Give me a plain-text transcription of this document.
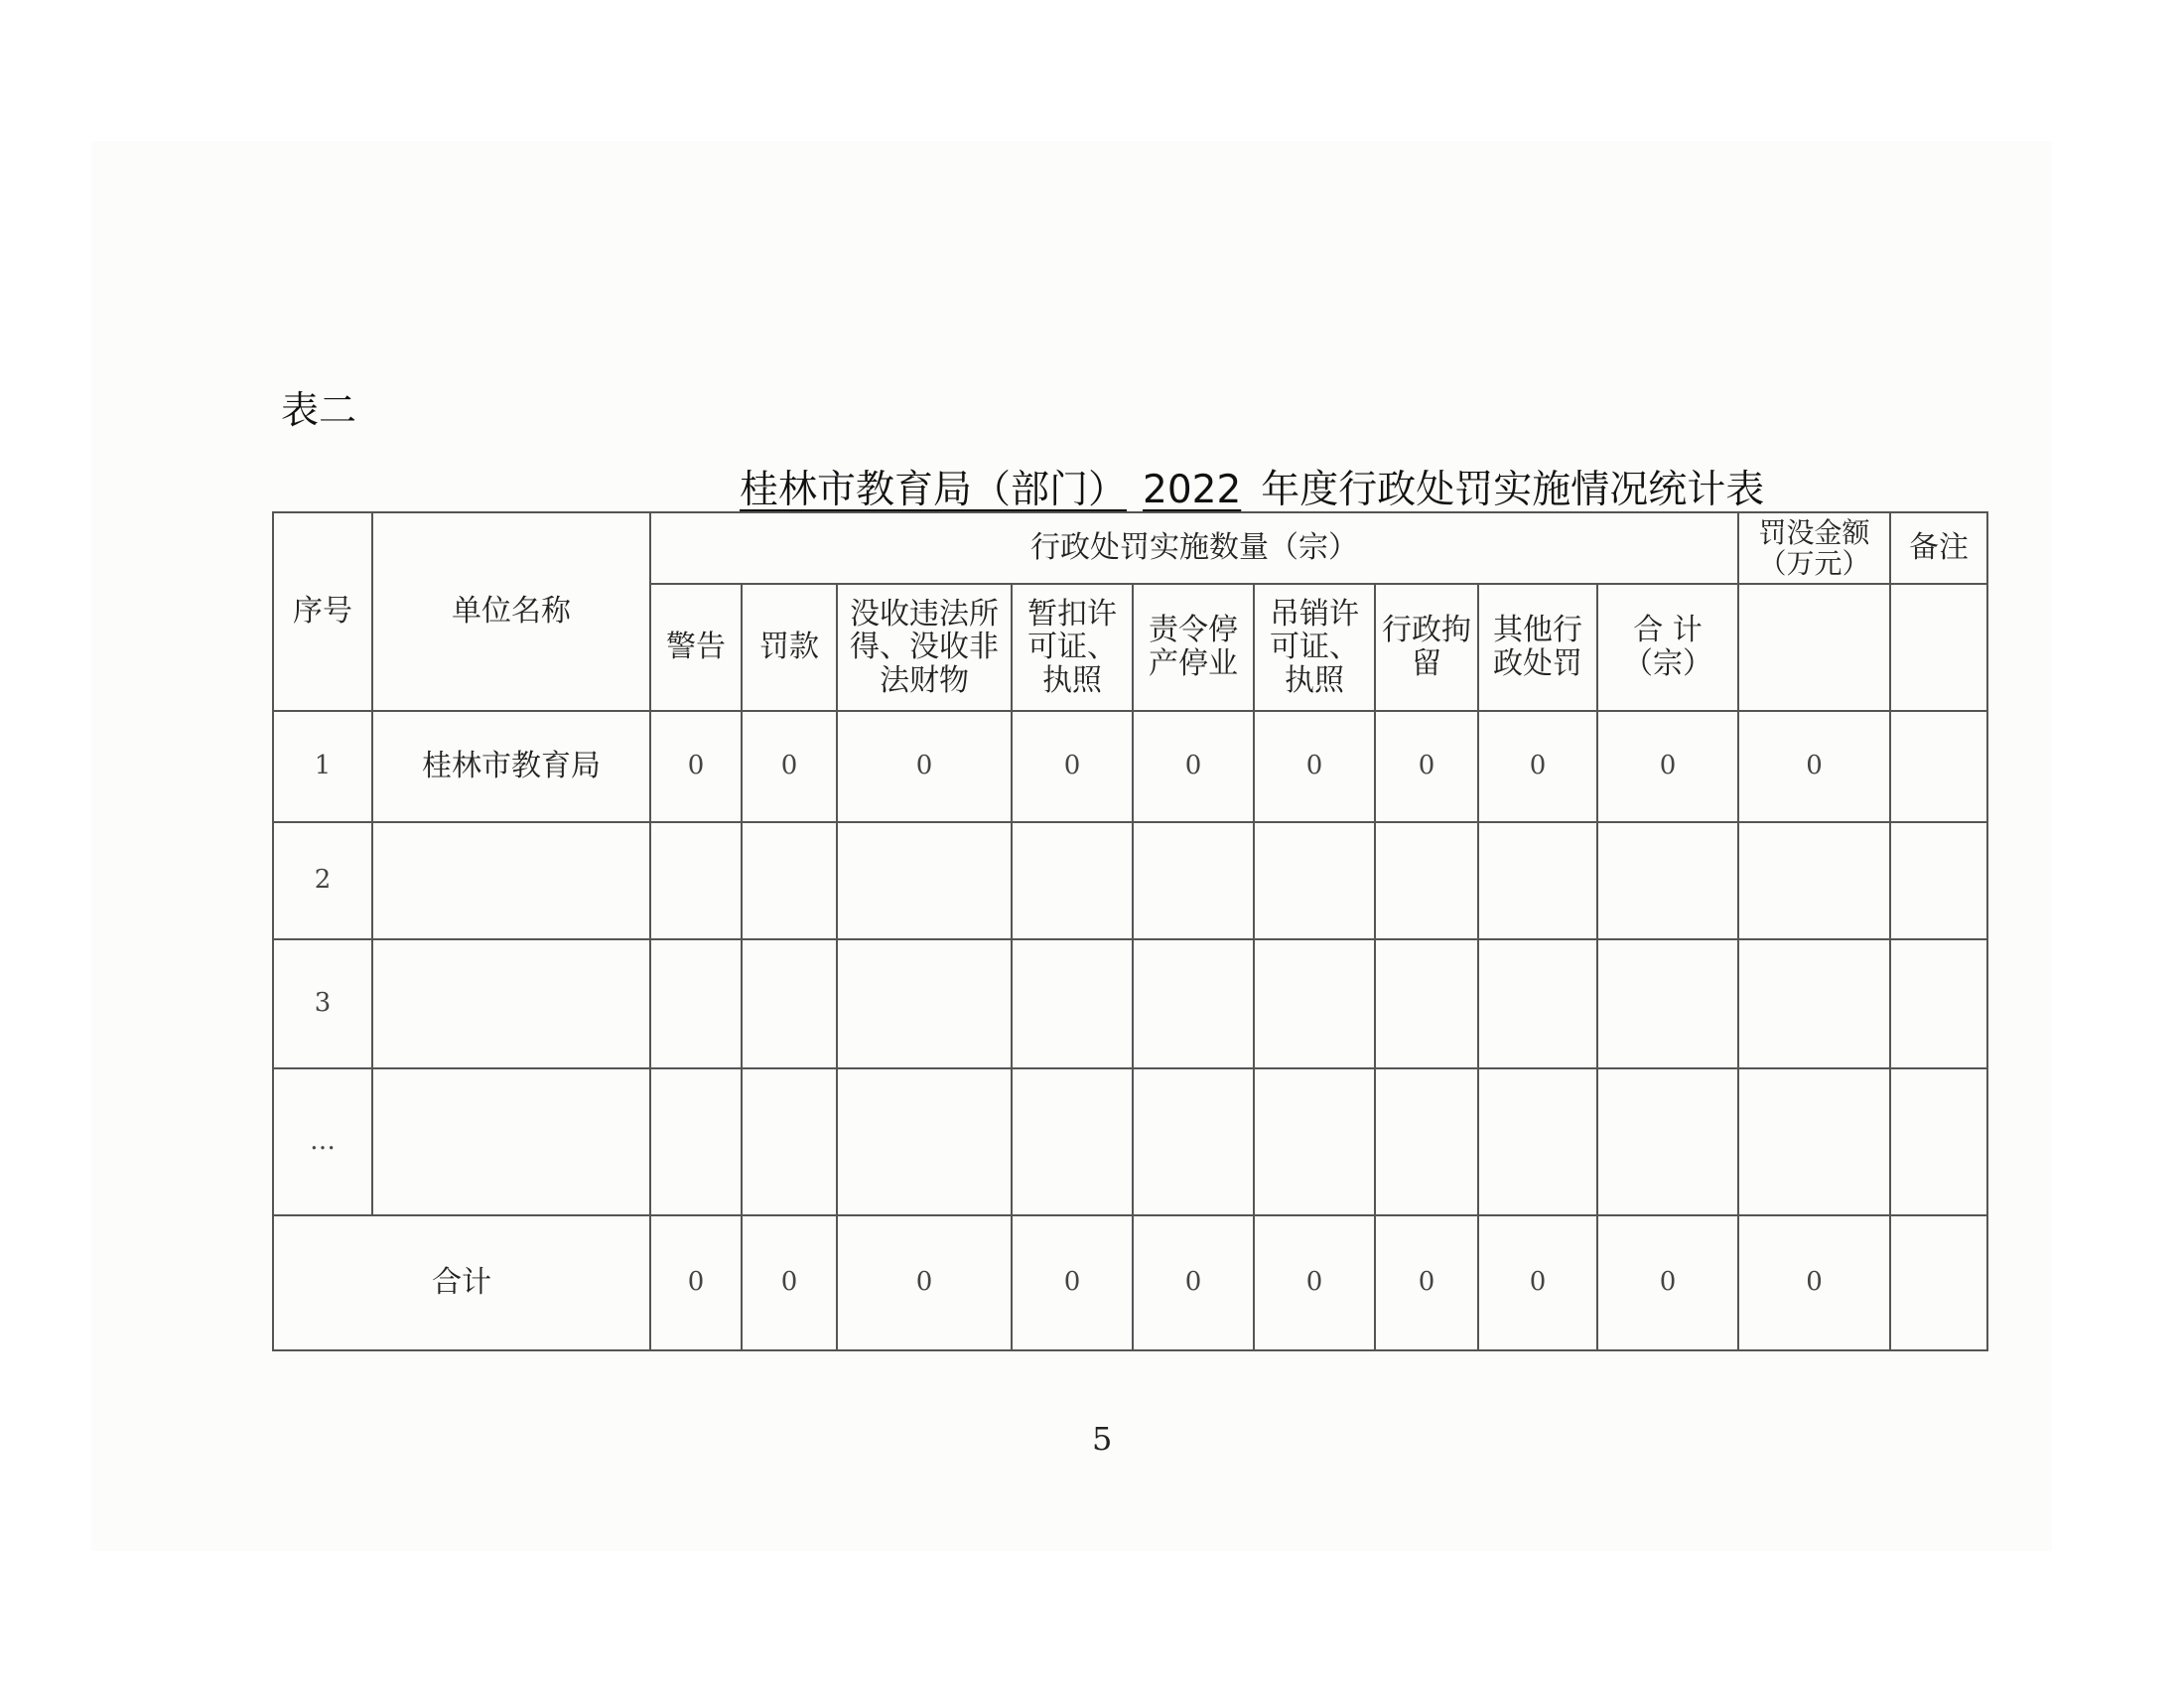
表二
桂林市教育局（部门） 2022 年度行政处罚实施情况统计表
序号	单位名称	行政处罚实施数量（宗）									罚没金额（万元）	备注
		警告	罚款	没收违法所得、没收非法财物	暂扣许可证、执照	责令停产停业	吊销许可证、执照	行政拘留	其他行政处罚	合 计（宗）		
1	桂林市教育局	0	0	0	0	0	0	0	0	0	0	
2												
3												
…												
合计		0	0	0	0	0	0	0	0	0	0	
5
